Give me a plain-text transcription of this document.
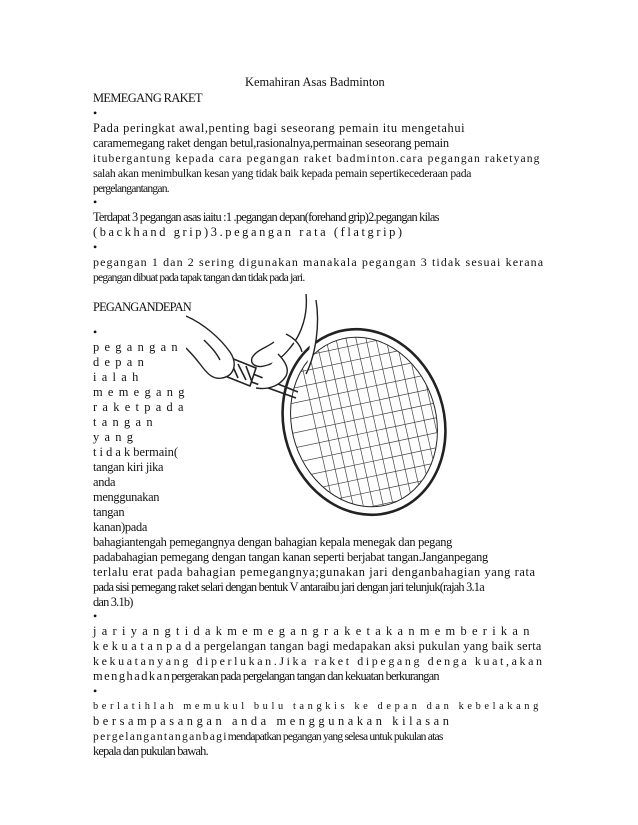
Kemahiran Asas Badminton
MEMEGANG RAKET
•
Pada peringkat awal,penting bagi seseorang pemain itu mengetahui
caramemegang raket dengan betul,rasionalnya,permainan seseorang pemain
itubergantung kepada cara pegangan raket badminton.cara pegangan raketyang
salah akan menimbulkan kesan yang tidak baik kepada pemain sepertikecederaan pada
pergelangantangan.
•
Terdapat 3 pegangan asas iaitu :1 .pegangan depan(forehand grip)2.pegangan kilas
(backhand grip)3.pegangan rata (flatgrip)
•
pegangan 1 dan 2 sering digunakan manakala pegangan 3 tidak sesuai kerana
pegangan dibuat pada tapak tangan dan tidak pada jari.
PEGANGANDEPAN
•
p e g a n g a n
d e p a n
i a l a h
m e m e g a n g
r a k e t p a d a
t a n g a n
y a n g
t i d a k bermain(
tangan kiri jika
anda
menggunakan
tangan
kanan)pada
bahagiantengah pemegangnya dengan bahagian kepala menegak dan pegang
padabahagian pemegang dengan tangan kanan seperti berjabat tangan.Janganpegang
terlalu erat pada bahagian pemegangnya;gunakan jari denganbahagian yang rata
pada sisi pemegang raket selari dengan bentuk V antaraibu jari dengan jari telunjuk(rajah 3.1a
dan 3.1b)
•
j a r i y a n g t i d a k m e m e g a n g r a k e t a k a n m e m b e r i k a n
k e k u a t a n p a d a pergelangan tangan bagi medapakan aksi pukulan yang baik serta
kekuatanyang diperlukan.Jika raket dipegang denga kuat,akan
m e n g h a d k a n pergerakan pada pergelangan tangan dan kekuatan berkurangan
•
berlatihlah memukul bulu tangkis ke depan dan kebelakang
bersampasangan anda menggunakan kilasan
p e r g e l a n g a n t a n g a n b a g i mendapatkan pegangan yang selesa untuk pukulan atas
kepala dan pukulan bawah.
